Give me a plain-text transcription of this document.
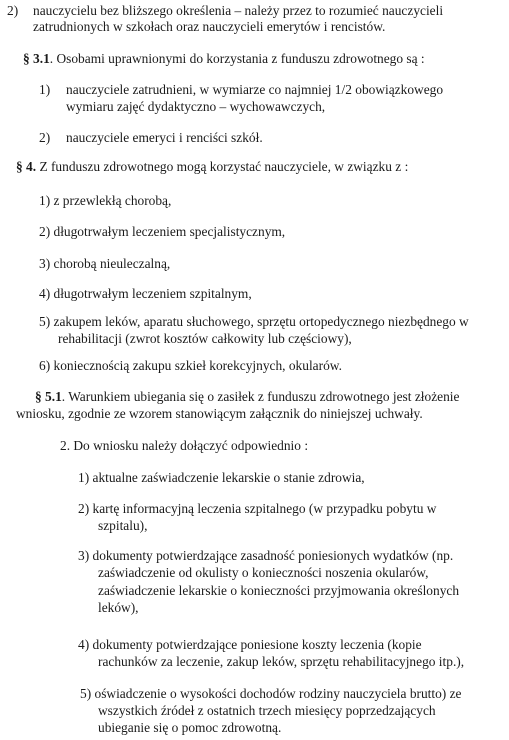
2) nauczycielu bez bliższego określenia – należy przez to rozumieć nauczycieli
zatrudnionych w szkołach oraz nauczycieli emerytów i rencistów.
§ 3.1. Osobami uprawnionymi do korzystania z funduszu zdrowotnego są :
1) nauczyciele zatrudnieni, w wymiarze co najmniej 1/2 obowiązkowego
wymiaru zajęć dydaktyczno – wychowawczych,
2) nauczyciele emeryci i renciści szkół.
§ 4. Z funduszu zdrowotnego mogą korzystać nauczyciele, w związku z :
1) z przewlekłą chorobą,
2) długotrwałym leczeniem specjalistycznym,
3) chorobą nieuleczalną,
4) długotrwałym leczeniem szpitalnym,
5) zakupem leków, aparatu słuchowego, sprzętu ortopedycznego niezbędnego w
rehabilitacji (zwrot kosztów całkowity lub częściowy),
6) koniecznością zakupu szkieł korekcyjnych, okularów.
§ 5.1. Warunkiem ubiegania się o zasiłek z funduszu zdrowotnego jest złożenie
wniosku, zgodnie ze wzorem stanowiącym załącznik do niniejszej uchwały.
2. Do wniosku należy dołączyć odpowiednio :
1) aktualne zaświadczenie lekarskie o stanie zdrowia,
2) kartę informacyjną leczenia szpitalnego (w przypadku pobytu w
szpitalu),
3) dokumenty potwierdzające zasadność poniesionych wydatków (np.
zaświadczenie od okulisty o konieczności noszenia okularów,
zaświadczenie lekarskie o konieczności przyjmowania określonych
leków),
4) dokumenty potwierdzające poniesione koszty leczenia (kopie
rachunków za leczenie, zakup leków, sprzętu rehabilitacyjnego itp.),
5) oświadczenie o wysokości dochodów rodziny nauczyciela brutto) ze
wszystkich źródeł z ostatnich trzech miesięcy poprzedzających
ubieganie się o pomoc zdrowotną.
